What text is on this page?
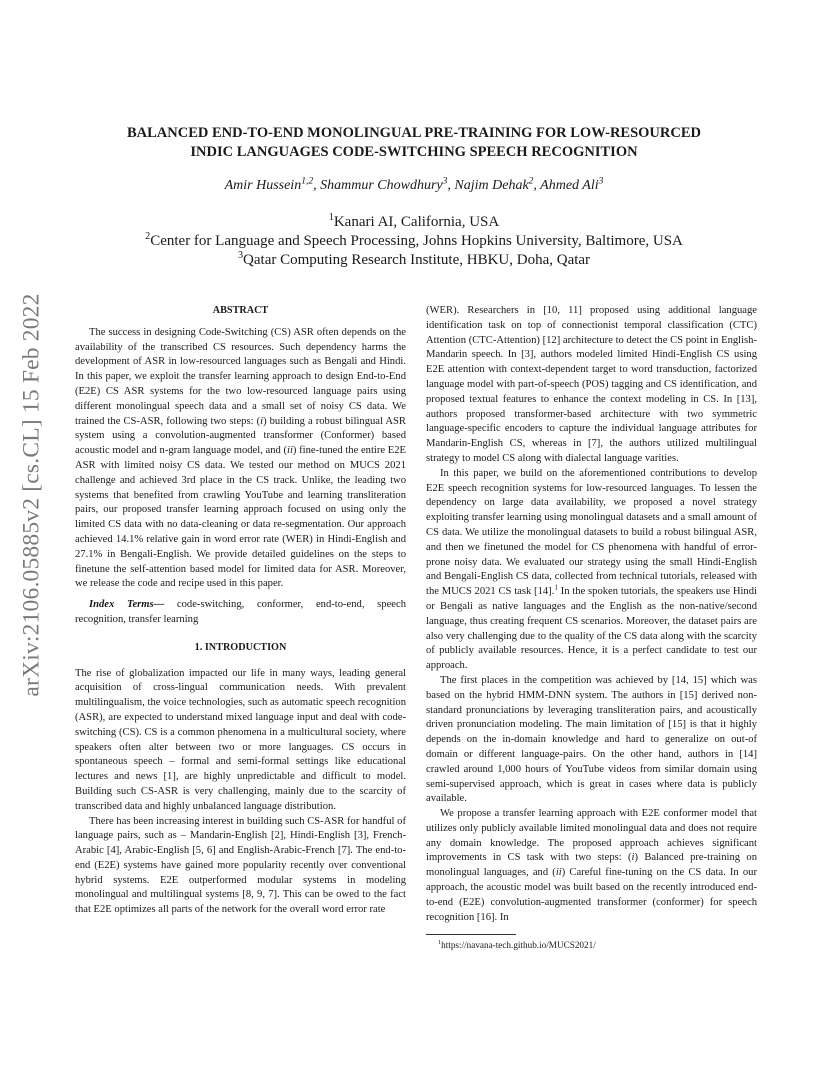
arXiv:2106.05885v2 [cs.CL] 15 Feb 2022
BALANCED END-TO-END MONOLINGUAL PRE-TRAINING FOR LOW-RESOURCED
INDIC LANGUAGES CODE-SWITCHING SPEECH RECOGNITION
Amir Hussein$^{1,2}$, Shammur Chowdhury$^3$, Najim Dehak$^2$, Ahmed Ali$^3$
$^1$Kanari AI, California, USA
$^2$Center for Language and Speech Processing, Johns Hopkins University, Baltimore, USA
$^3$Qatar Computing Research Institute, HBKU, Doha, Qatar
ABSTRACT

The success in designing Code-Switching (CS) ASR often depends on the availability of the transcribed CS resources. Such dependency harms the development of ASR in low-resourced languages such as Bengali and Hindi. In this paper, we exploit the transfer learning approach to design End-to-End (E2E) CS ASR systems for the two low-resourced language pairs using different monolingual speech data and a small set of noisy CS data. We trained the CS-ASR, following two steps: (i) building a robust bilingual ASR system using a convolution-augmented transformer (Conformer) based acoustic model and n-gram language model, and (ii) fine-tuned the entire E2E ASR with limited noisy CS data. We tested our method on MUCS 2021 challenge and achieved 3rd place in the CS track. Unlike, the leading two systems that benefited from crawling YouTube and learning transliteration pairs, our proposed transfer learning approach focused on using only the limited CS data with no data-cleaning or data re-segmentation. Our approach achieved 14.1% relative gain in word error rate (WER) in Hindi-English and 27.1% in Bengali-English. We provide detailed guidelines on the steps to finetune the self-attention based model for limited data for ASR. Moreover, we release the code and recipe used in this paper.

Index Terms— code-switching, conformer, end-to-end, speech recognition, transfer learning

1. INTRODUCTION

The rise of globalization impacted our life in many ways, leading general acquisition of cross-lingual communication needs. With prevalent multilingualism, the voice technologies, such as automatic speech recognition (ASR), are expected to understand mixed language input and deal with code-switching (CS). CS is a common phenomena in a multicultural society, where speakers often alter between two or more languages. CS occurs in spontaneous speech – formal and semi-formal settings like educational lectures and news [1], are highly unpredictable and difficult to model. Building such CS-ASR is very challenging, mainly due to the scarcity of transcribed data and highly unbalanced language distribution.

There has been increasing interest in building such CS-ASR for handful of language pairs, such as – Mandarin-English [2], Hindi-English [3], French-Arabic [4], Arabic-English [5, 6] and English-Arabic-French [7]. The end-to-end (E2E) systems have gained more popularity recently over conventional hybrid systems. E2E outperformed modular systems in modeling monolingual and multilingual systems [8, 9, 7]. This can be owed to the fact that E2E optimizes all parts of the network for the overall word error rate

(WER). Researchers in [10, 11] proposed using additional language identification task on top of connectionist temporal classification (CTC) Attention (CTC-Attention) [12] architecture to detect the CS point in English-Mandarin speech. In [3], authors modeled limited Hindi-English CS using E2E attention with context-dependent target to word transduction, factorized language model with part-of-speech (POS) tagging and CS identification, and proposed textual features to enhance the context modeling in CS. In [13], authors proposed transformer-based architecture with two symmetric language-specific encoders to capture the individual language attributes for Mandarin-English CS, whereas in [7], the authors utilized multilingual strategy to model CS along with dialectal language varities.

In this paper, we build on the aforementioned contributions to develop E2E speech recognition systems for low-resourced languages. To lessen the dependency on large data availability, we proposed a novel strategy exploiting transfer learning using monolingual datasets and a small amount of CS data. We utilize the monolingual datasets to build a robust bilingual ASR, and then we finetuned the model for CS phenomena with handful of error-prone noisy data. We evaluated our strategy using the small Hindi-English and Bengali-English CS data, collected from technical tutorials, released with the MUCS 2021 CS task [14].$^1$ In the spoken tutorials, the speakers use Hindi or Bengali as native languages and the English as the non-native/second language, thus creating frequent CS scenarios. Moreover, the dataset pairs are also very challenging due to the quality of the CS data along with the scarcity of publicly available resources. Hence, it is a perfect candidate to test our approach.

The first places in the competition was achieved by [14, 15] which was based on the hybrid HMM-DNN system. The authors in [15] derived non-standard pronunciations by leveraging transliteration pairs, and acoustically driven pronunciation modeling. The main limitation of [15] is that it highly depends on the in-domain knowledge and hard to generalize on out-of domain or different language-pairs. On the other hand, authors in [14] crawled around 1,000 hours of YouTube videos from similar domain using semi-supervised approach, which is great in cases where data is publicly available.

We propose a transfer learning approach with E2E conformer model that utilizes only publicly available limited monolingual data and does not require any domain knowledge. The proposed approach achieves significant improvements in CS task with two steps: (i) Balanced pre-training on monolingual languages, and (ii) Careful fine-tuning on the CS data. In our approach, the acoustic model was built based on the recently introduced end-to-end (E2E) convolution-augmented transformer (conformer) for speech recognition [16]. In

$^1$https://navana-tech.github.io/MUCS2021/
